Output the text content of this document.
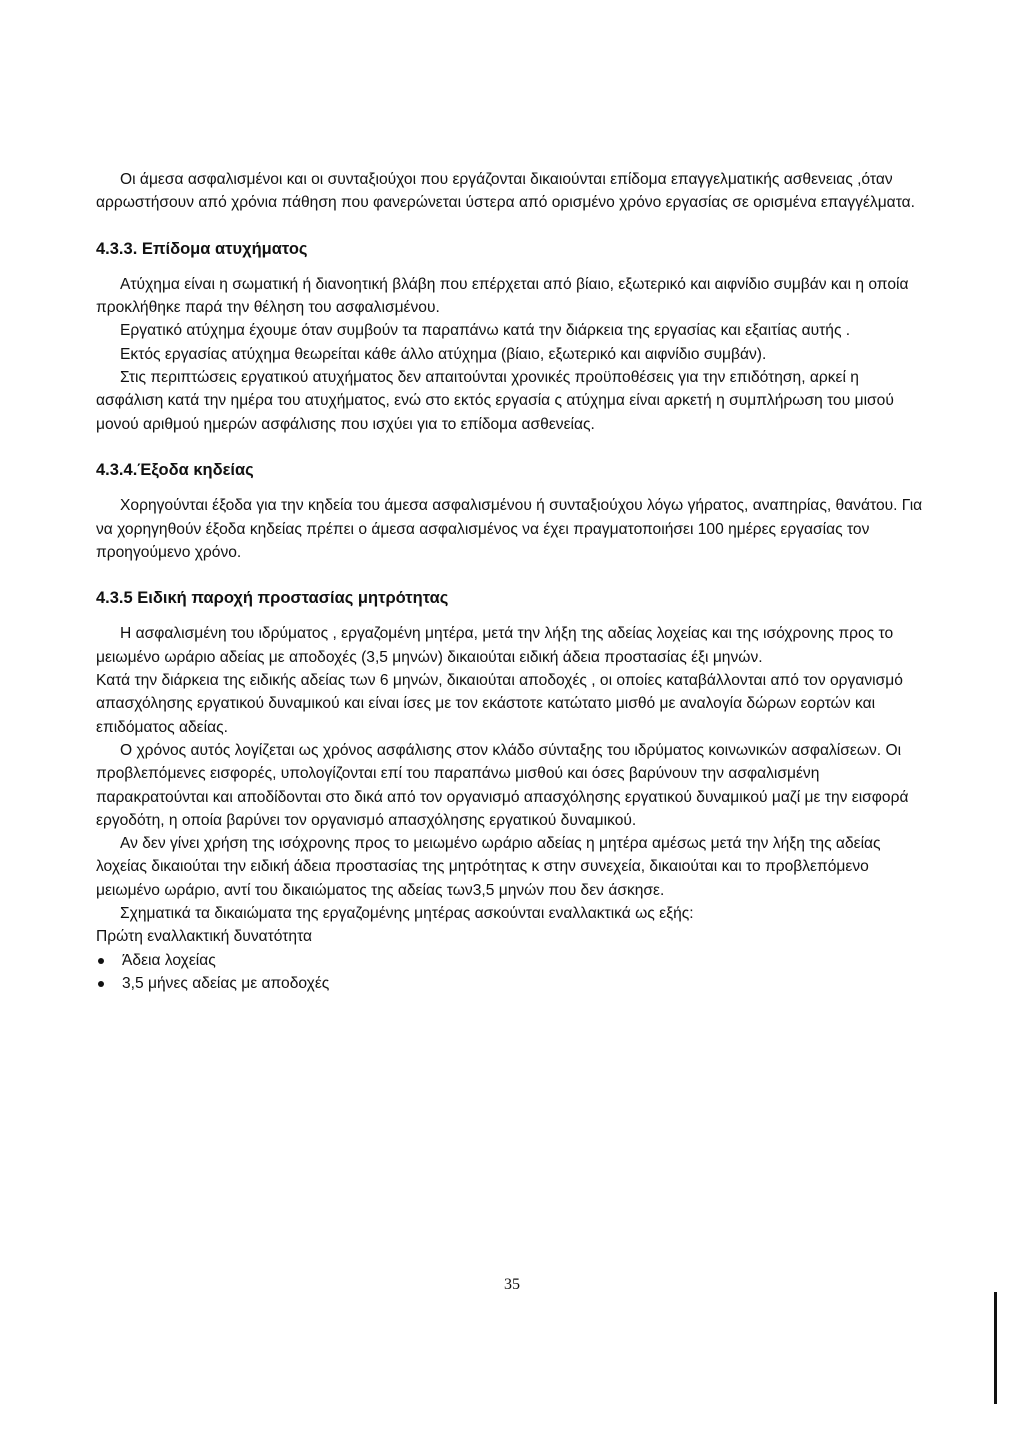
Οι άμεσα ασφαλισμένοι και οι συνταξιούχοι που εργάζονται δικαιούνται επίδομα επαγγελματικής ασθενειας ,όταν αρρωστήσουν από χρόνια πάθηση που φανερώνεται ύστερα από ορισμένο χρόνο εργασίας σε ορισμένα επαγγέλματα.

4.3.3. Επίδομα ατυχήματος

Ατύχημα είναι η σωματική ή διανοητική βλάβη που επέρχεται από βίαιο, εξωτερικό και αιφνίδιο συμβάν και η οποία προκλήθηκε παρά την θέληση του ασφαλισμένου.

Εργατικό ατύχημα έχουμε όταν συμβούν τα παραπάνω κατά την διάρκεια της εργασίας και εξαιτίας αυτής .

Εκτός εργασίας ατύχημα θεωρείται κάθε άλλο ατύχημα (βίαιο, εξωτερικό και αιφνίδιο συμβάν).

Στις περιπτώσεις εργατικού ατυχήματος δεν απαιτούνται χρονικές προϋποθέσεις για την επιδότηση, αρκεί η ασφάλιση κατά την ημέρα του ατυχήματος, ενώ στο εκτός εργασία ς ατύχημα είναι αρκετή η συμπλήρωση του μισού μονού αριθμού ημερών ασφάλισης που ισχύει για το επίδομα ασθενείας.

4.3.4.Έξοδα κηδείας

Χορηγούνται έξοδα για την κηδεία του άμεσα ασφαλισμένου ή συνταξιούχου λόγω γήρατος, αναπηρίας, θανάτου. Για να χορηγηθούν έξοδα κηδείας πρέπει ο άμεσα ασφαλισμένος να έχει πραγματοποιήσει 100 ημέρες εργασίας τον προηγούμενο χρόνο.

4.3.5 Ειδική παροχή προστασίας μητρότητας

Η ασφαλισμένη του ιδρύματος , εργαζομένη μητέρα, μετά την λήξη της αδείας λοχείας και της ισόχρονης προς το μειωμένο ωράριο αδείας με αποδοχές (3,5 μηνών) δικαιούται ειδική άδεια προστασίας έξι μηνών.

Κατά την διάρκεια της ειδικής αδείας των 6 μηνών, δικαιούται αποδοχές , οι οποίες καταβάλλονται από τον οργανισμό απασχόλησης εργατικού δυναμικού και είναι ίσες με τον εκάστοτε κατώτατο μισθό με αναλογία δώρων εορτών και επιδόματος αδείας.

Ο χρόνος αυτός λογίζεται ως χρόνος ασφάλισης στον κλάδο σύνταξης του ιδρύματος κοινωνικών ασφαλίσεων. Οι προβλεπόμενες εισφορές, υπολογίζονται επί του παραπάνω μισθού και όσες βαρύνουν την ασφαλισμένη παρακρατούνται και αποδίδονται στο δικά από τον οργανισμό απασχόλησης εργατικού δυναμικού μαζί με την εισφορά εργοδότη, η οποία βαρύνει τον οργανισμό απασχόλησης εργατικού δυναμικού.

Αν δεν γίνει χρήση της ισόχρονης προς το μειωμένο ωράριο αδείας η μητέρα αμέσως μετά την λήξη της αδείας λοχείας δικαιούται την ειδική άδεια προστασίας της μητρότητας κ στην συνεχεία, δικαιούται και το προβλεπόμενο μειωμένο ωράριο, αντί του δικαιώματος της αδείας των3,5 μηνών που δεν άσκησε.

Σχηματικά τα δικαιώματα της εργαζομένης μητέρας ασκούνται εναλλακτικά ως εξής:

Πρώτη εναλλακτική δυνατότητα

Άδεια λοχείας
3,5 μήνες αδείας με αποδοχές
35
